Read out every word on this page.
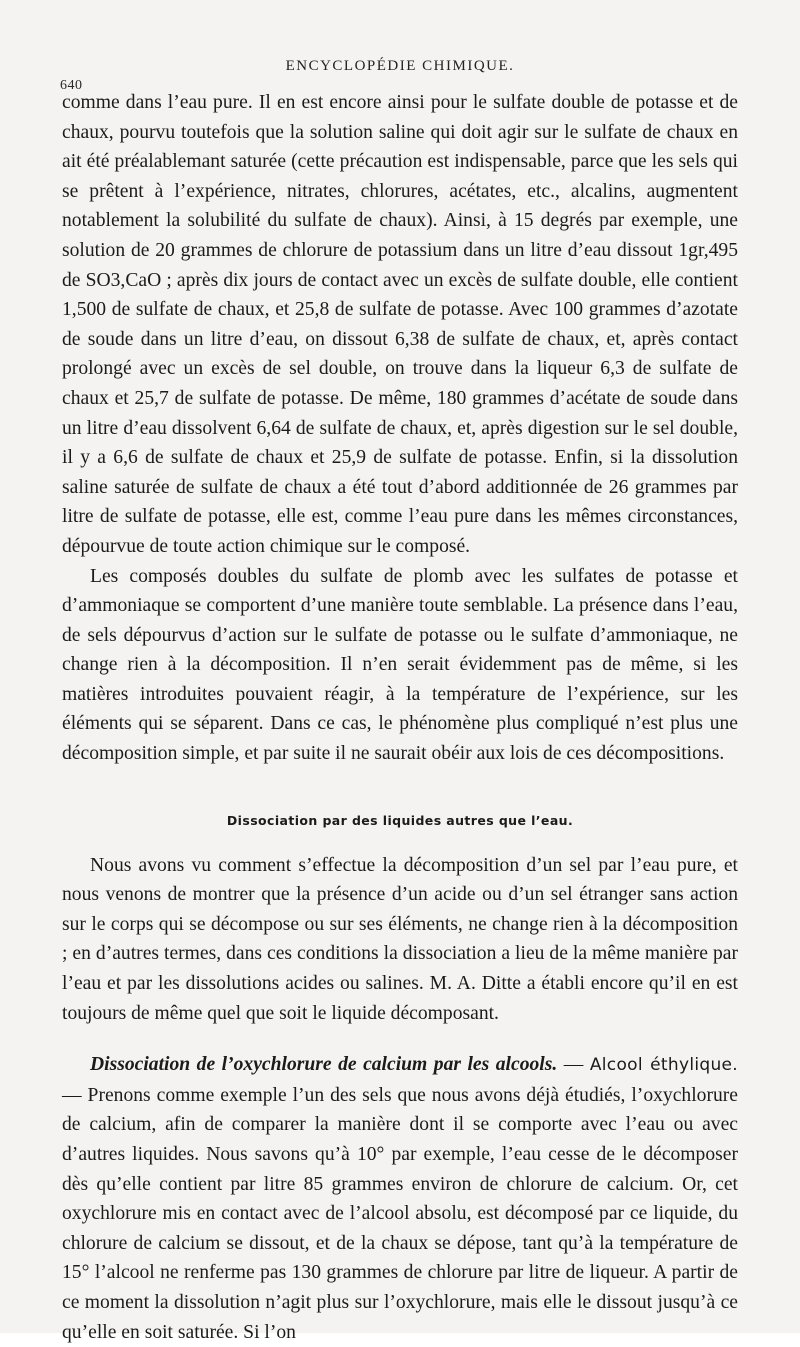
640
ENCYCLOPÉDIE CHIMIQUE.

comme dans l’eau pure. Il en est encore ainsi pour le sulfate double de potasse et de chaux, pourvu toutefois que la solution saline qui doit agir sur le sulfate de chaux en ait été préalablemant saturée (cette précaution est indispensable, parce que les sels qui se prêtent à l’expérience, nitrates, chlorures, acétates, etc., alcalins, augmentent notablement la solubilité du sulfate de chaux). Ainsi, à 15 degrés par exemple, une solution de 20 grammes de chlorure de potassium dans un litre d’eau dissout 1gr,495 de SO3,CaO ; après dix jours de contact avec un excès de sulfate double, elle contient 1,500 de sulfate de chaux, et 25,8 de sulfate de potasse. Avec 100 grammes d’azotate de soude dans un litre d’eau, on dissout 6,38 de sulfate de chaux, et, après contact prolongé avec un excès de sel double, on trouve dans la liqueur 6,3 de sulfate de chaux et 25,7 de sulfate de potasse. De même, 180 grammes d’acétate de soude dans un litre d’eau dissolvent 6,64 de sulfate de chaux, et, après digestion sur le sel double, il y a 6,6 de sulfate de chaux et 25,9 de sulfate de potasse. Enfin, si la dissolution saline saturée de sulfate de chaux a été tout d’abord additionnée de 26 grammes par litre de sulfate de potasse, elle est, comme l’eau pure dans les mêmes circonstances, dépourvue de toute action chimique sur le composé.

Les composés doubles du sulfate de plomb avec les sulfates de potasse et d’ammoniaque se comportent d’une manière toute semblable. La présence dans l’eau, de sels dépourvus d’action sur le sulfate de potasse ou le sulfate d’ammoniaque, ne change rien à la décomposition. Il n’en serait évidemment pas de même, si les matières introduites pouvaient réagir, à la température de l’expérience, sur les éléments qui se séparent. Dans ce cas, le phénomène plus compliqué n’est plus une décomposition simple, et par suite il ne saurait obéir aux lois de ces décompositions.

Dissociation par des liquides autres que l’eau.

Nous avons vu comment s’effectue la décomposition d’un sel par l’eau pure, et nous venons de montrer que la présence d’un acide ou d’un sel étranger sans action sur le corps qui se décompose ou sur ses éléments, ne change rien à la décomposition ; en d’autres termes, dans ces conditions la dissociation a lieu de la même manière par l’eau et par les dissolutions acides ou salines. M. A. Ditte a établi encore qu’il en est toujours de même quel que soit le liquide décomposant.

Dissociation de l’oxychlorure de calcium par les alcools. — Alcool éthylique. — Prenons comme exemple l’un des sels que nous avons déjà étudiés, l’oxychlorure de calcium, afin de comparer la manière dont il se comporte avec l’eau ou avec d’autres liquides. Nous savons qu’à 10° par exemple, l’eau cesse de le décomposer dès qu’elle contient par litre 85 grammes environ de chlorure de calcium. Or, cet oxychlorure mis en contact avec de l’alcool absolu, est décomposé par ce liquide, du chlorure de calcium se dissout, et de la chaux se dépose, tant qu’à la température de 15° l’alcool ne renferme pas 130 grammes de chlorure par litre de liqueur. A partir de ce moment la dissolution n’agit plus sur l’oxychlorure, mais elle le dissout jusqu’à ce qu’elle en soit saturée. Si l’on
